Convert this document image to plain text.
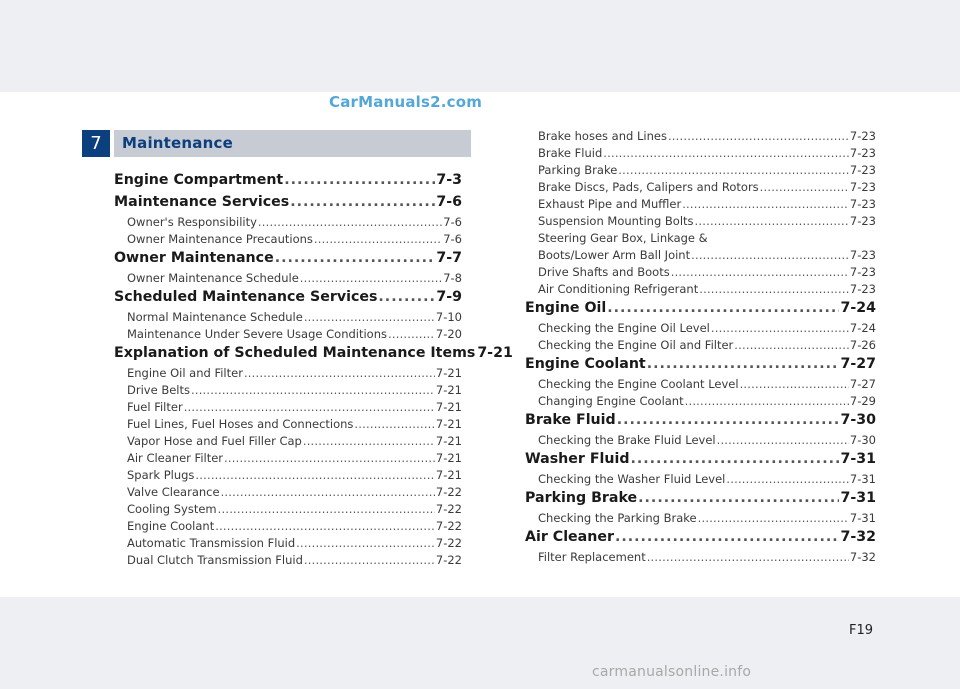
CarManuals2.com
7	Maintenance
Engine Compartment .....	7-3
Maintenance Services .....	7-6
Owner's Responsibility .....	7-6
Owner Maintenance Precautions .....	7-6
Owner Maintenance .....	7-7
Owner Maintenance Schedule .....	7-8
Scheduled Maintenance Services .....	7-9
Normal Maintenance Schedule .....	7-10
Maintenance Under Severe Usage Conditions .....	7-20
Explanation of Scheduled Maintenance Items 7-21
Engine Oil and Filter .....	7-21
Drive Belts .....	7-21
Fuel Filter .....	7-21
Fuel Lines, Fuel Hoses and Connections .....	7-21
Vapor Hose and Fuel Filler Cap .....	7-21
Air Cleaner Filter .....	7-21
Spark Plugs .....	7-21
Valve Clearance .....	7-22
Cooling System .....	7-22
Engine Coolant .....	7-22
Automatic Transmission Fluid .....	7-22
Dual Clutch Transmission Fluid .....	7-22
Brake hoses and Lines .....	7-23
Brake Fluid .....	7-23
Parking Brake .....	7-23
Brake Discs, Pads, Calipers and Rotors .....	7-23
Exhaust Pipe and Muffler .....	7-23
Suspension Mounting Bolts .....	7-23
Steering Gear Box, Linkage &
Boots/Lower Arm Ball Joint .....	7-23
Drive Shafts and Boots .....	7-23
Air Conditioning Refrigerant .....	7-23
Engine Oil .....	7-24
Checking the Engine Oil Level .....	7-24
Checking the Engine Oil and Filter .....	7-26
Engine Coolant .....	7-27
Checking the Engine Coolant Level .....	7-27
Changing Engine Coolant .....	7-29
Brake Fluid .....	7-30
Checking the Brake Fluid Level .....	7-30
Washer Fluid .....	7-31
Checking the Washer Fluid Level .....	7-31
Parking Brake .....	7-31
Checking the Parking Brake .....	7-31
Air Cleaner .....	7-32
Filter Replacement .....	7-32
F19
carmanualsonline.info
